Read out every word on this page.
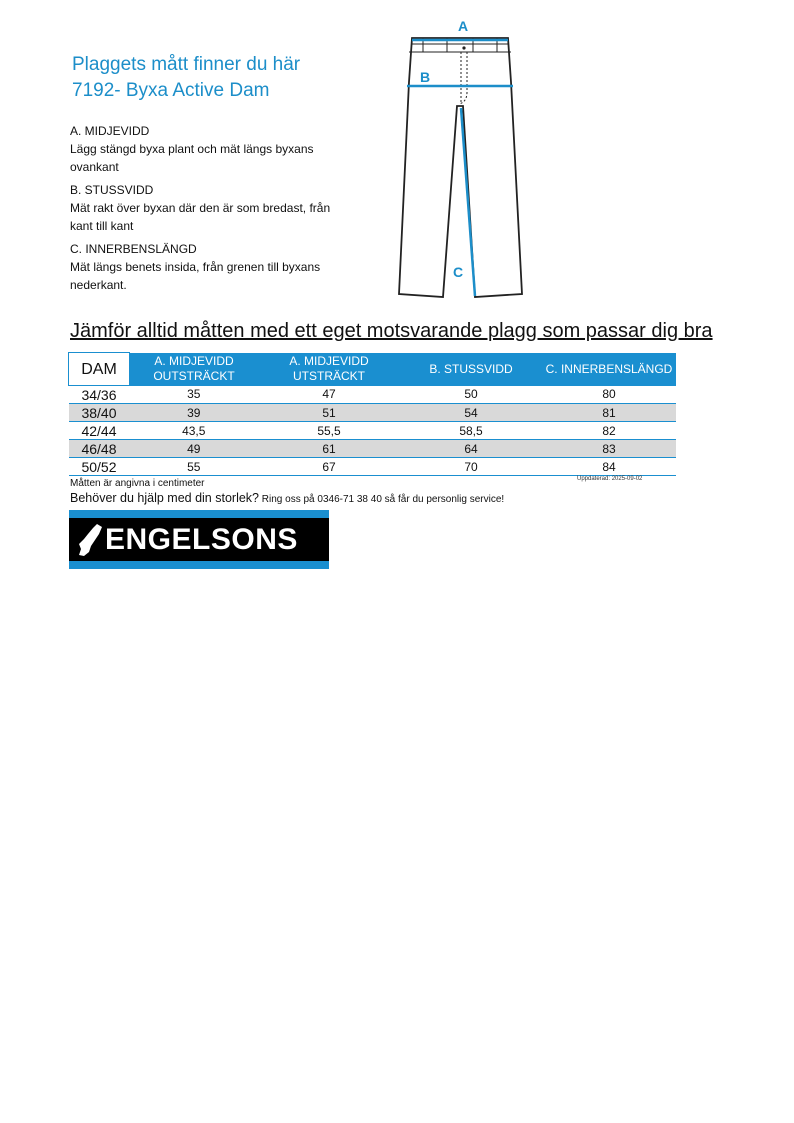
Plaggets mått finner du här
7192- Byxa Active Dam
A. MIDJEVIDD
Lägg stängd byxa plant och mät längs byxans ovankant
B. STUSSVIDD
Mät rakt över byxan där den är som bredast, från kant till kant
C. INNERBENSLÄNGD
Mät längs benets insida, från grenen till byxans nederkant.
A
B
C
Jämför alltid måtten med ett eget motsvarande plagg som passar dig bra
DAM	A. MIDJEVIDD OUTSTRÄCKT	A. MIDJEVIDD UTSTRÄCKT	B. STUSSVIDD	C. INNERBENSLÄNGD
34/36	35	47	50	80
38/40	39	51	54	81
42/44	43,5	55,5	58,5	82
46/48	49	61	64	83
50/52	55	67	70	84
Uppdaterad: 2025-09-02
Måtten är angivna i centimeter
Behöver du hjälp med din storlek? Ring oss på 0346-71 38 40 så får du personlig service!
ENGELSONS
